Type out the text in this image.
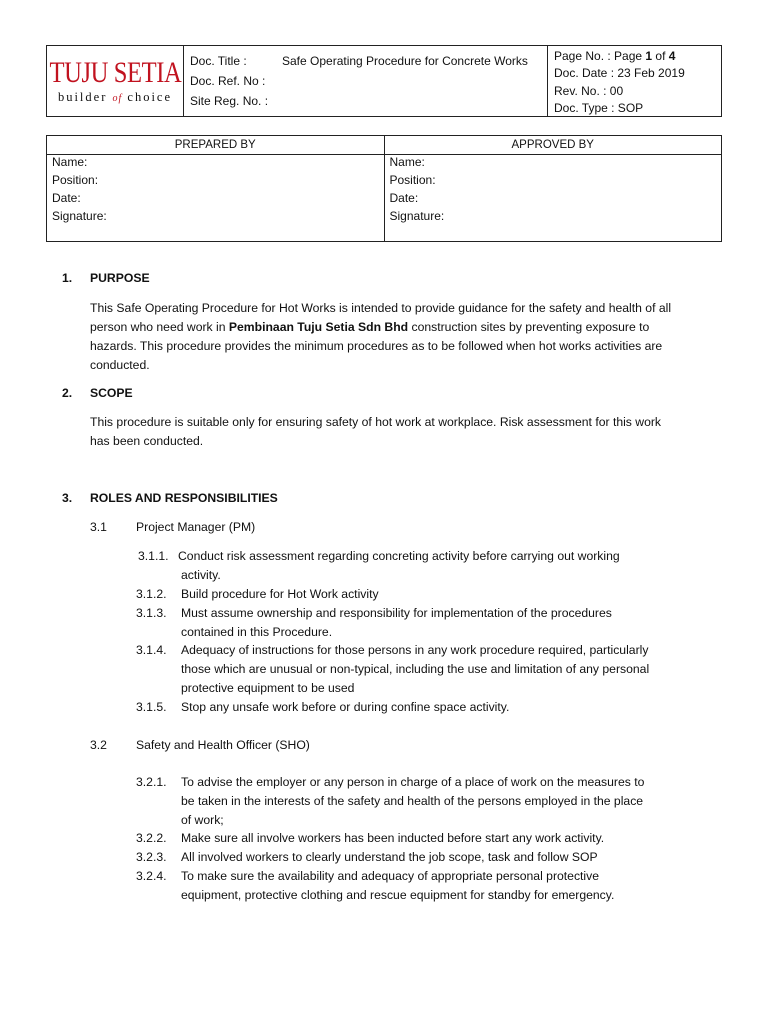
TUJU SETIA
builder of choice
Doc. Title :	Safe Operating Procedure for Concrete Works
Doc. Ref. No :
Site Reg. No. :
Page No. : Page 1 of 4
Doc. Date : 23 Feb 2019
Rev. No. : 00
Doc. Type : SOP
PREPARED BY
Name:
Position:
Date:
Signature:
APPROVED BY
Name:
Position:
Date:
Signature:
1. PURPOSE
This Safe Operating Procedure for Hot Works is intended to provide guidance for the safety and health of all person who need work in Pembinaan Tuju Setia Sdn Bhd construction sites by preventing exposure to hazards. This procedure provides the minimum procedures as to be followed when hot works activities are conducted.
2. SCOPE
This procedure is suitable only for ensuring safety of hot work at workplace. Risk assessment for this work has been conducted.
3. ROLES AND RESPONSIBILITIES
3.1 Project Manager (PM)
3.1.1. Conduct risk assessment regarding concreting activity before carrying out working
activity.
3.1.2. Build procedure for Hot Work activity
3.1.3. Must assume ownership and responsibility for implementation of the procedures
contained in this Procedure.
3.1.4. Adequacy of instructions for those persons in any work procedure required, particularly
those which are unusual or non-typical, including the use and limitation of any personal
protective equipment to be used
3.1.5. Stop any unsafe work before or during confine space activity.
3.2 Safety and Health Officer (SHO)
3.2.1. To advise the employer or any person in charge of a place of work on the measures to
be taken in the interests of the safety and health of the persons employed in the place
of work;
3.2.2. Make sure all involve workers has been inducted before start any work activity.
3.2.3. All involved workers to clearly understand the job scope, task and follow SOP
3.2.4. To make sure the availability and adequacy of appropriate personal protective
equipment, protective clothing and rescue equipment for standby for emergency.
